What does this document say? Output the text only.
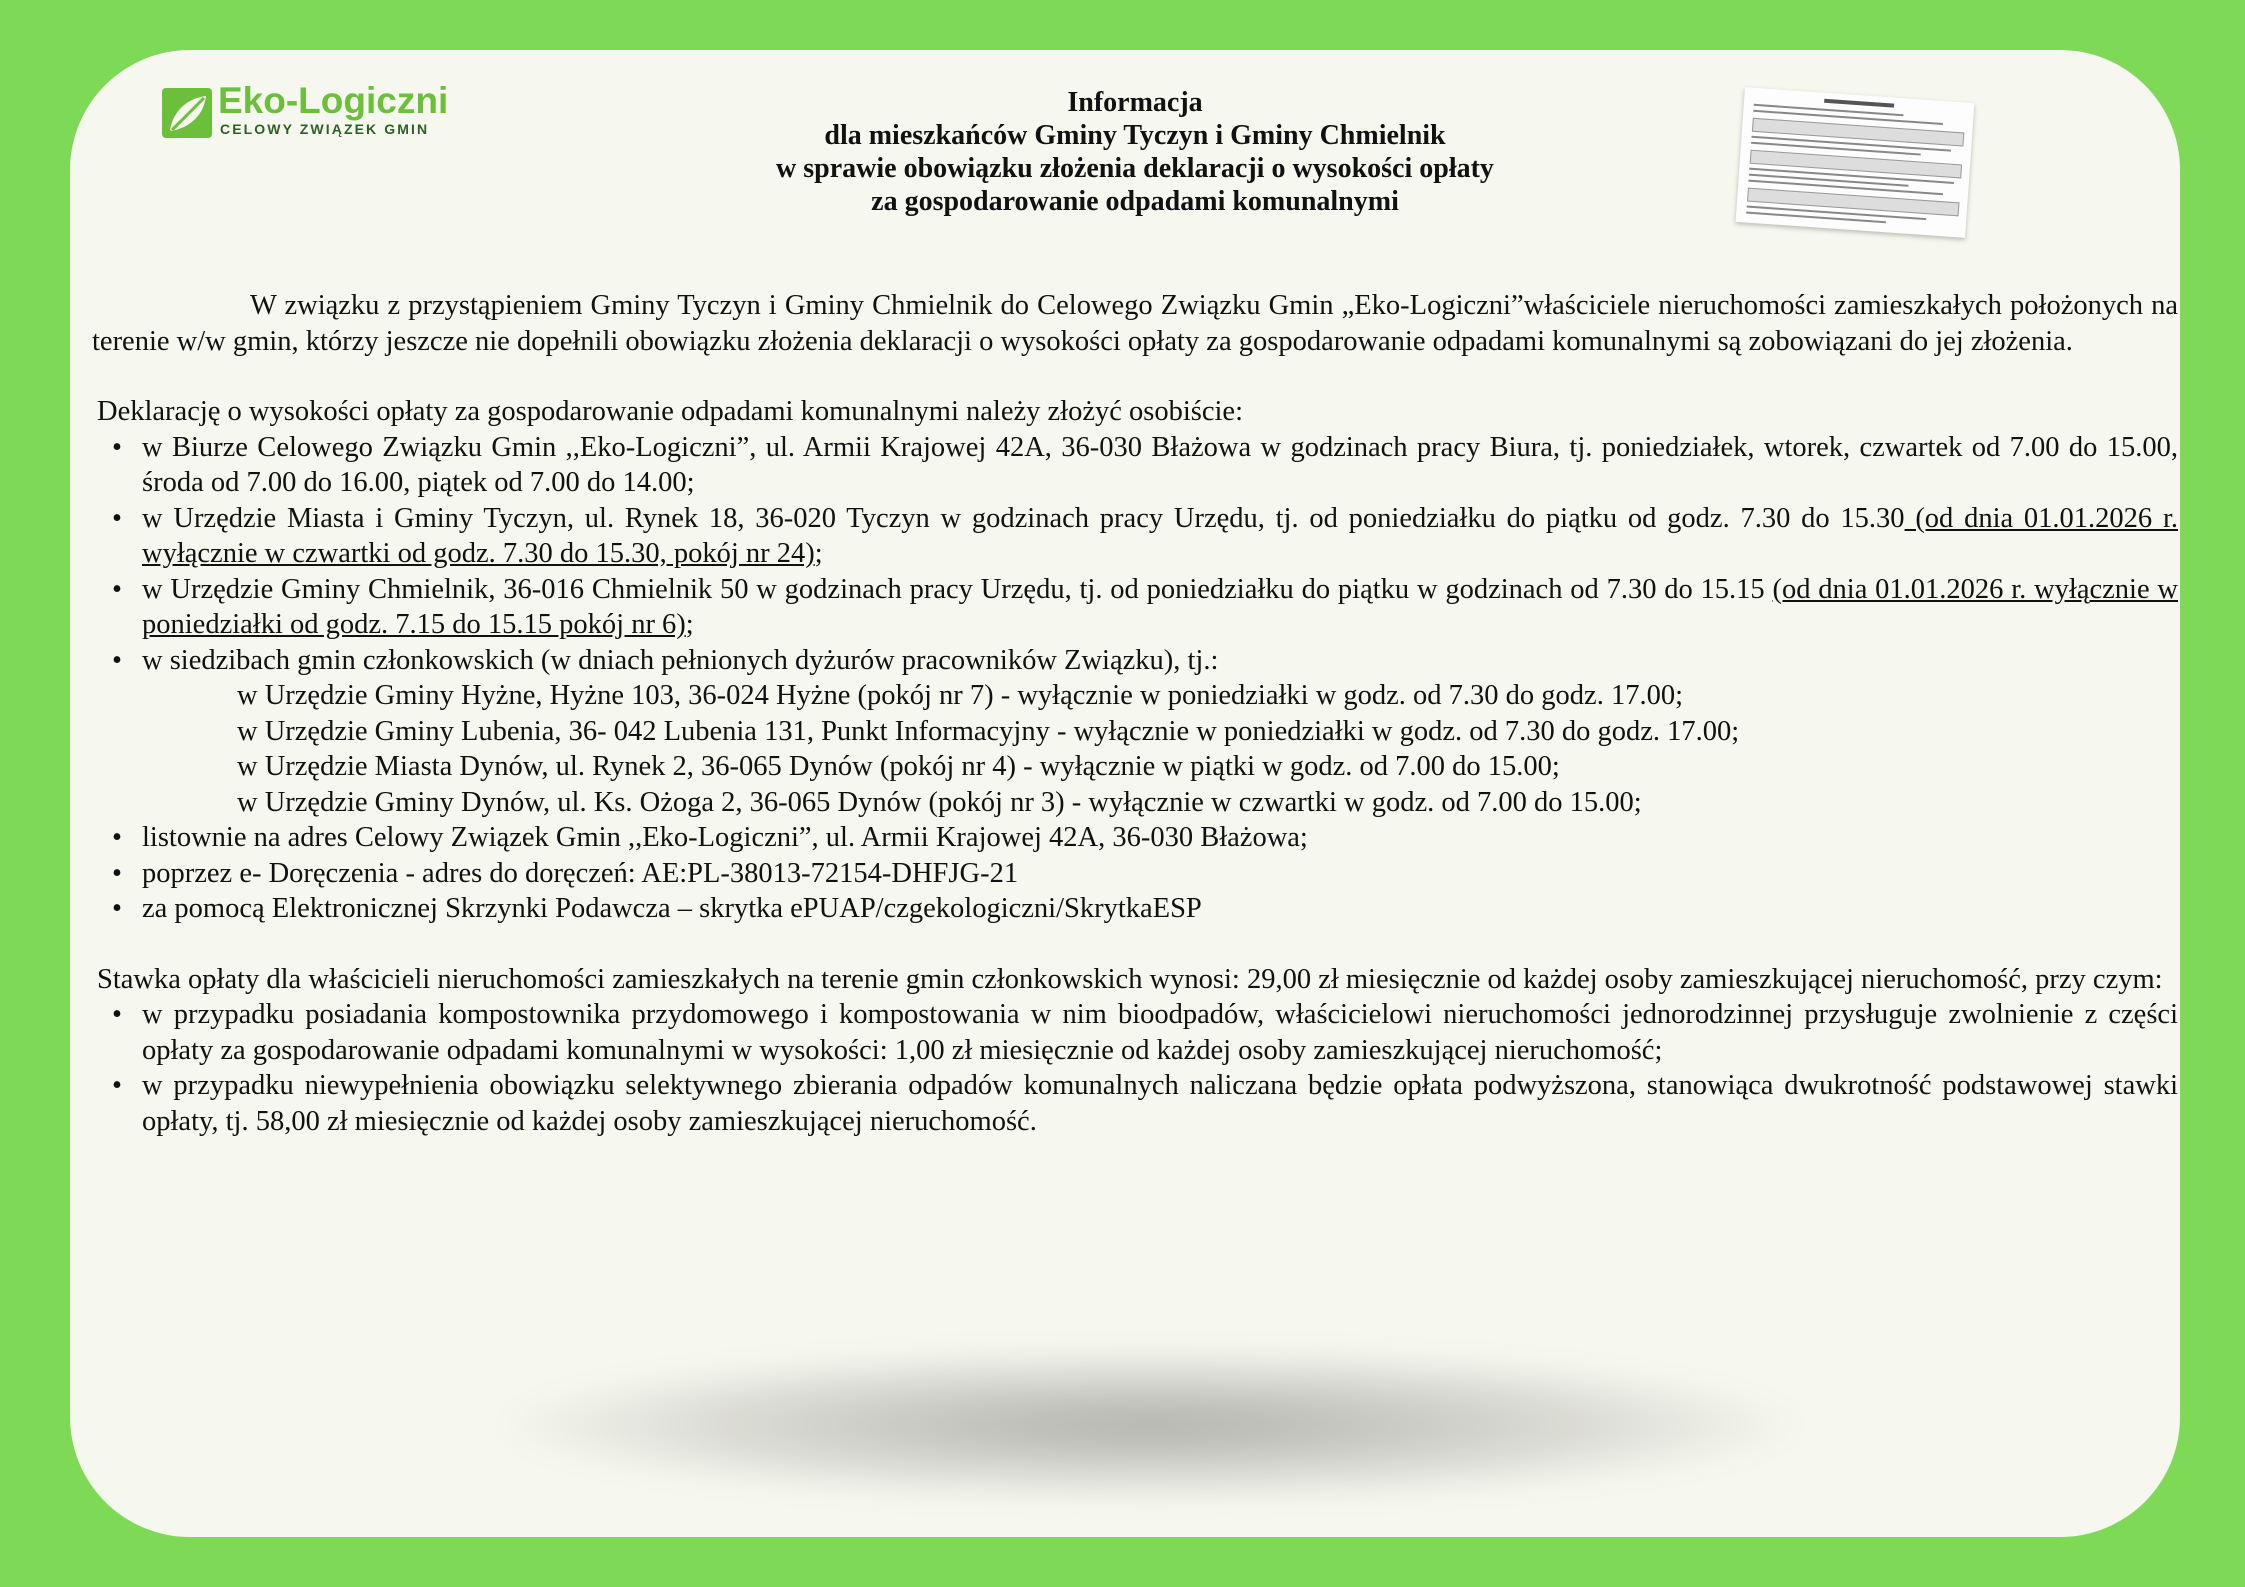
Eko-Logiczni
CELOWY ZWIĄZEK GMIN
Informacja
dla mieszkańców Gminy Tyczyn i Gminy Chmielnik
w sprawie obowiązku złożenia deklaracji o wysokości opłaty
za gospodarowanie odpadami komunalnymi

W związku z przystąpieniem Gminy Tyczyn i Gminy Chmielnik do Celowego Związku Gmin „Eko-Logiczni”właściciele nieruchomości zamieszkałych położonych na terenie w/w gmin, którzy jeszcze nie dopełnili obowiązku złożenia deklaracji o wysokości opłaty za gospodarowanie odpadami komunalnymi są zobowiązani do jej złożenia.

Deklarację o wysokości opłaty za gospodarowanie odpadami komunalnymi należy złożyć osobiście:

• w Biurze Celowego Związku Gmin ,,Eko-Logiczni”, ul. Armii Krajowej 42A, 36-030 Błażowa w godzinach pracy Biura, tj. poniedziałek, wtorek, czwartek od 7.00 do 15.00, środa od 7.00 do 16.00, piątek od 7.00 do 14.00;
• w Urzędzie Miasta i Gminy Tyczyn, ul. Rynek 18, 36-020 Tyczyn w godzinach pracy Urzędu, tj. od poniedziałku do piątku od godz. 7.30 do 15.30 (od dnia 01.01.2026 r. wyłącznie w czwartki od godz. 7.30 do 15.30, pokój nr 24);
• w Urzędzie Gminy Chmielnik, 36-016 Chmielnik 50 w godzinach pracy Urzędu, tj. od poniedziałku do piątku w godzinach od 7.30 do 15.15 (od dnia 01.01.2026 r. wyłącznie w poniedziałki od godz. 7.15 do 15.15 pokój nr 6);
• w siedzibach gmin członkowskich (w dniach pełnionych dyżurów pracowników Związku), tj.:
w Urzędzie Gminy Hyżne, Hyżne 103, 36-024 Hyżne (pokój nr 7) - wyłącznie w poniedziałki w godz. od 7.30 do godz. 17.00;
w Urzędzie Gminy Lubenia, 36- 042 Lubenia 131, Punkt Informacyjny - wyłącznie w poniedziałki w godz. od 7.30 do godz. 17.00;
w Urzędzie Miasta Dynów, ul. Rynek 2, 36-065 Dynów (pokój nr 4) - wyłącznie w piątki w godz. od 7.00 do 15.00;
w Urzędzie Gminy Dynów, ul. Ks. Ożoga 2, 36-065 Dynów (pokój nr 3) - wyłącznie w czwartki w godz. od 7.00 do 15.00;
• listownie na adres Celowy Związek Gmin ,,Eko-Logiczni”, ul. Armii Krajowej 42A, 36-030 Błażowa;
• poprzez e- Doręczenia - adres do doręczeń: AE:PL-38013-72154-DHFJG-21
• za pomocą Elektronicznej Skrzynki Podawcza – skrytka ePUAP/czgekologiczni/SkrytkaESP

Stawka opłaty dla właścicieli nieruchomości zamieszkałych na terenie gmin członkowskich wynosi: 29,00 zł miesięcznie od każdej osoby zamieszkującej nieruchomość, przy czym:

• w przypadku posiadania kompostownika przydomowego i kompostowania w nim bioodpadów, właścicielowi nieruchomości jednorodzinnej przysługuje zwolnienie z części opłaty za gospodarowanie odpadami komunalnymi w wysokości: 1,00 zł miesięcznie od każdej osoby zamieszkującej nieruchomość;
• w przypadku niewypełnienia obowiązku selektywnego zbierania odpadów komunalnych naliczana będzie opłata podwyższona, stanowiąca dwukrotność podstawowej stawki opłaty, tj. 58,00 zł miesięcznie od każdej osoby zamieszkującej nieruchomość.
